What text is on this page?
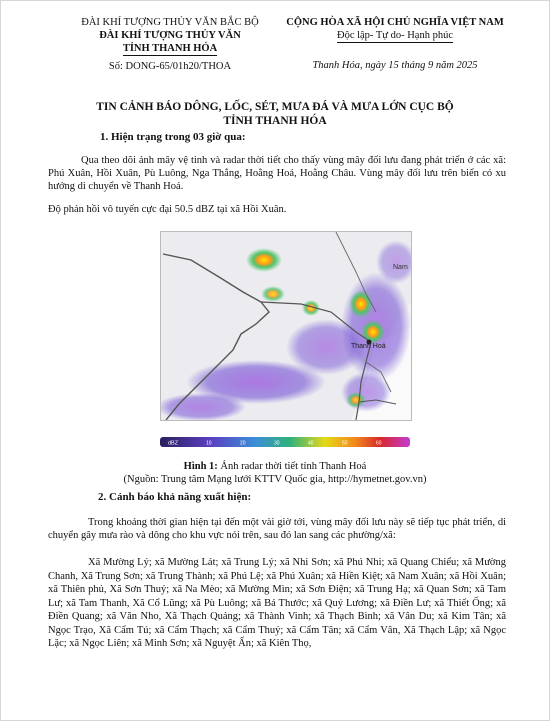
ĐÀI KHÍ TƯỢNG THỦY VĂN BẮC BỘ
ĐÀI KHÍ TƯỢNG THỦY VĂN
TỈNH THANH HÓA
Số: DONG-65/01h20/THOA
CỘNG HÒA XÃ HỘI CHỦ NGHĨA VIỆT NAM
Độc lập- Tự do- Hạnh phúc
Thanh Hóa, ngày 15 tháng 9 năm 2025
TIN CẢNH BÁO DÔNG, LỐC, SÉT, MƯA ĐÁ VÀ MƯA LỚN CỤC BỘ
TỈNH THANH HÓA
1. Hiện trạng trong 03 giờ qua:
Qua theo dõi ảnh mây vệ tinh và radar thời tiết cho thấy vùng mây đối lưu đang phát triển ở các xã: Phú Xuân, Hồi Xuân, Pù Luông, Nga Thắng, Hoằng Hoá, Hoằng Châu. Vùng mây đối lưu trên biển có xu hướng di chuyển về Thanh Hoá.
Độ phản hồi vô tuyến cực đại 50.5 dBZ tại xã Hồi Xuân.
Thanh Hoá
Nam
dBZ	10	20	30	40	50	60
Hình 1: Ảnh radar thời tiết tỉnh Thanh Hoá
(Nguồn: Trung tâm Mạng lưới KTTV Quốc gia, http://hymetnet.gov.vn)
2. Cảnh báo khả năng xuất hiện:
Trong khoảng thời gian hiện tại đến một vài giờ tới, vùng mây đối lưu này sẽ tiếp tục phát triển, di chuyển gây mưa rào và dông cho khu vực nói trên, sau đó lan sang các phường/xã:
Xã Mường Lý; xã Mường Lát; xã Trung Lý; xã Nhi Sơn; xã Phú Nhi; xã Quang Chiểu; xã Mường Chanh, Xã Trung Sơn; xã Trung Thành; xã Phú Lệ; xã Phú Xuân; xã Hiền Kiệt; xã Nam Xuân; xã Hồi Xuân; xã Thiên phủ, Xã Sơn Thuỷ; xã Na Mèo; xã Mường Mìn; xã Sơn Điện; xã Trung Hạ; xã Quan Sơn; xã Tam Lư; xã Tam Thanh, Xã Cổ Lũng; xã Pù Luông; xã Bá Thước; xã Quý Lương; xã Điền Lư; xã Thiết Ống; xã Điền Quang; xã Văn Nho, Xã Thạch Quảng; xã Thành Vinh; xã Thạch Bình; xã Vân Du; xã Kim Tân; xã Ngọc Trạo, Xã Cẩm Tú; xã Cẩm Thạch; xã Cẩm Thuỷ; xã Cẩm Tân; xã Cẩm Vân, Xã Thạch Lập; xã Ngọc Lặc; xã Ngọc Liên; xã Minh Sơn; xã Nguyệt Ấn; xã Kiên Thọ,
